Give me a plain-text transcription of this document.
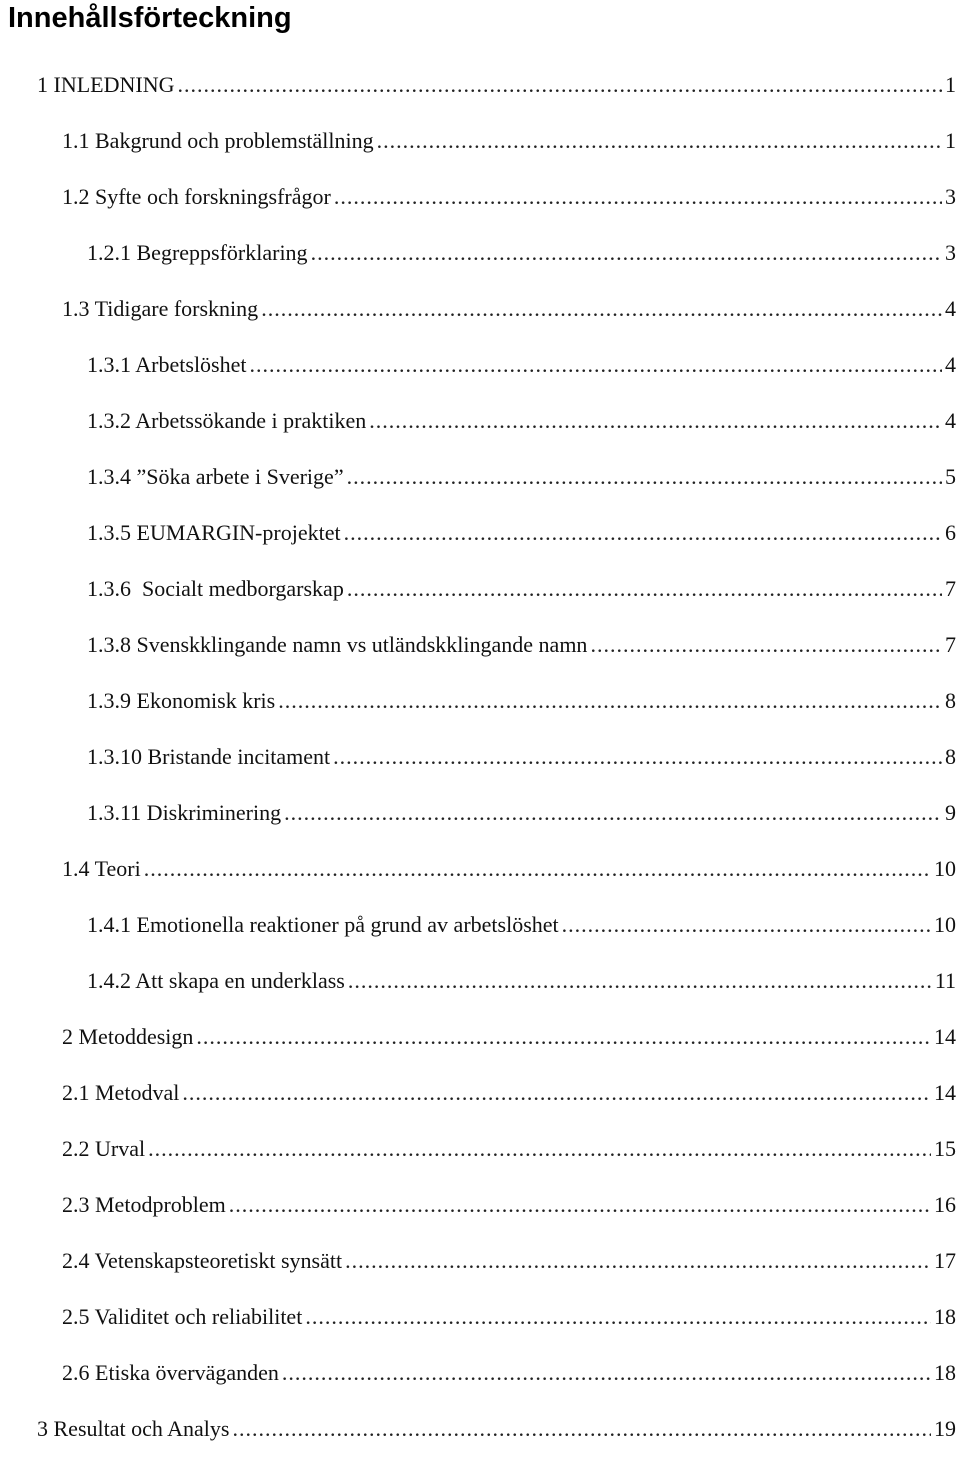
Innehållsförteckning
1 INLEDNING .....	1
1.1 Bakgrund och problemställning .....	1
1.2 Syfte och forskningsfrågor .....	3
1.2.1 Begreppsförklaring .....	3
1.3 Tidigare forskning .....	4
1.3.1 Arbetslöshet .....	4
1.3.2 Arbetssökande i praktiken .....	4
1.3.4 ”Söka arbete i Sverige” .....	5
1.3.5 EUMARGIN-projektet .....	6
1.3.6  Socialt medborgarskap .....	7
1.3.8 Svenskklingande namn vs utländskklingande namn .....	7
1.3.9 Ekonomisk kris .....	8
1.3.10 Bristande incitament .....	8
1.3.11 Diskriminering .....	9
1.4 Teori .....	10
1.4.1 Emotionella reaktioner på grund av arbetslöshet .....	10
1.4.2 Att skapa en underklass .....	11
2 Metoddesign .....	14
2.1 Metodval .....	14
2.2 Urval .....	15
2.3 Metodproblem .....	16
2.4 Vetenskapsteoretiskt synsätt .....	17
2.5 Validitet och reliabilitet .....	18
2.6 Etiska överväganden .....	18
3 Resultat och Analys .....	19
